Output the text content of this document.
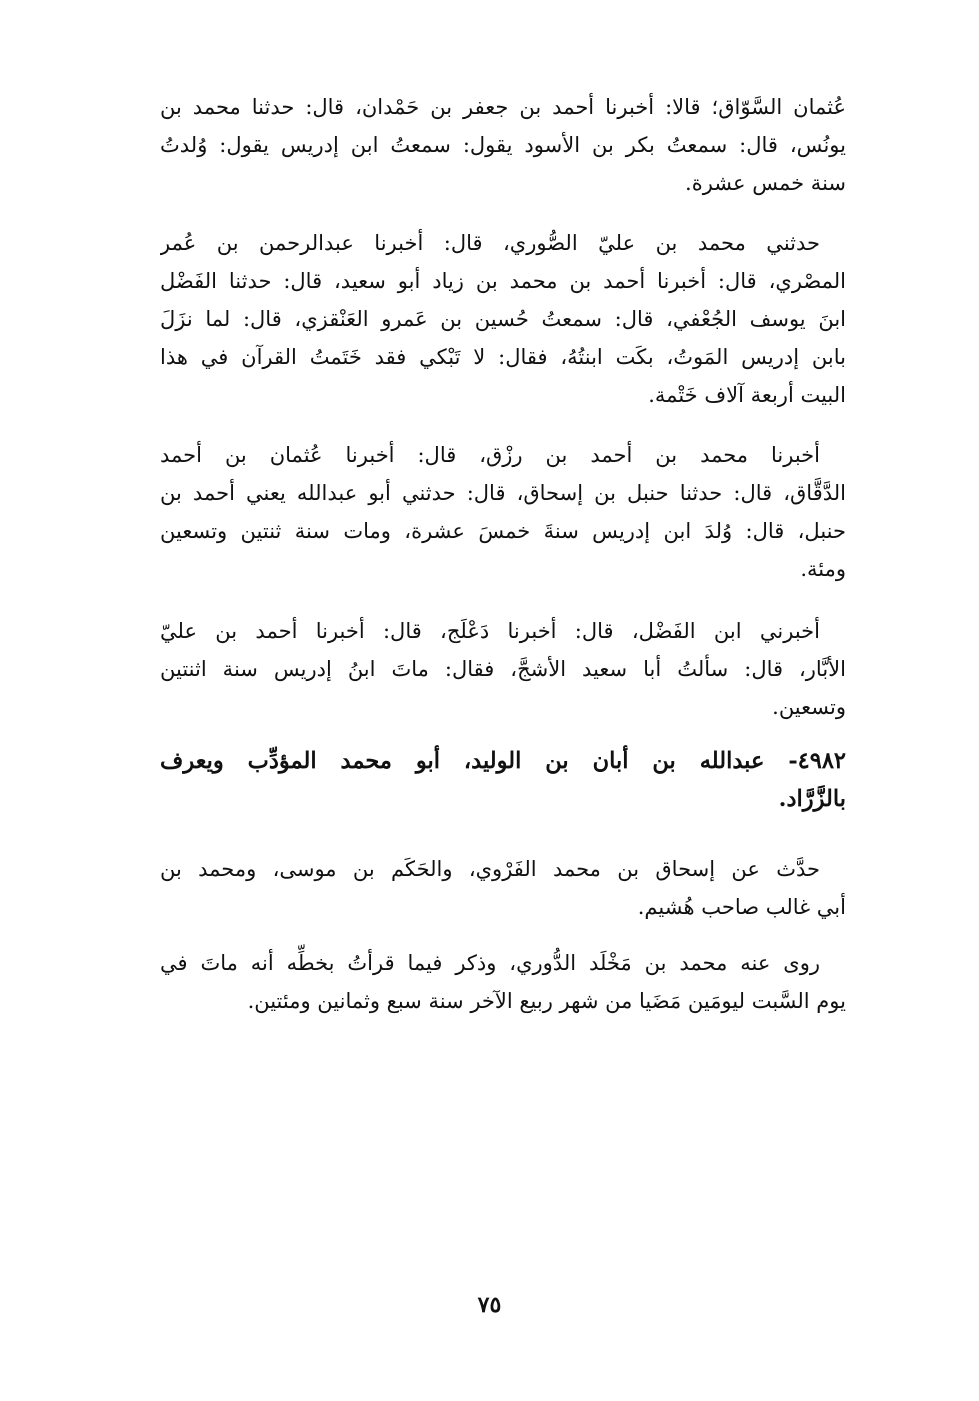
عُثمان السَّوّاق؛ قالا: أخبرنا أحمد بن جعفر بن حَمْدان، قال: حدثنا محمد بن
يونُس، قال: سمعتُ بكر بن الأسود يقول: سمعتُ ابن إدريس يقول: وُلدتُ
سنة خمس عشرة.
حدثني محمد بن عليّ الصُّوري، قال: أخبرنا عبدالرحمن بن عُمر
المصْري، قال: أخبرنا أحمد بن محمد بن زياد أبو سعيد، قال: حدثنا الفَضْل
ابنَ يوسف الجُعْفي، قال: سمعتُ حُسين بن عَمرو العَنْقزي، قال: لما نزَلَ
بابن إدريس المَوتُ، بكَت ابنتُهُ، فقال: لا تَبْكي فقد خَتَمتُ القرآن في هذا
البيت أربعة آلاف خَتْمة.
أخبرنا محمد بن أحمد بن رزْق، قال: أخبرنا عُثمان بن أحمد
الدَّقَّاق، قال: حدثنا حنبل بن إسحاق، قال: حدثني أبو عبدالله يعني أحمد بن
حنبل، قال: وُلدَ ابن إدريس سنةَ خمسَ عشرة، ومات سنة ثنتين وتسعين
ومئة.
أخبرني ابن الفَضْل، قال: أخبرنا دَعْلَج، قال: أخبرنا أحمد بن عليّ
الأبَّار، قال: سألتُ أبا سعيد الأشجَّ، فقال: ماتَ ابنُ إدريس سنة اثنتين
وتسعين.
٤٩٨٢- عبدالله بن أبان بن الوليد، أبو محمد المؤدِّب ويعرف
بالزَّرَّاد.
حدَّث عن إسحاق بن محمد الفَرْوي، والحَكَم بن موسى، ومحمد بن
أبي غالب صاحب هُشيم.
روى عنه محمد بن مَخْلَد الدُّوري، وذكر فيما قرأتُ بخطِّه أنه ماتَ في
يوم السَّبت ليومَين مَضَيا من شهر ربيع الآخر سنة سبع وثمانين ومئتين.
٧٥
